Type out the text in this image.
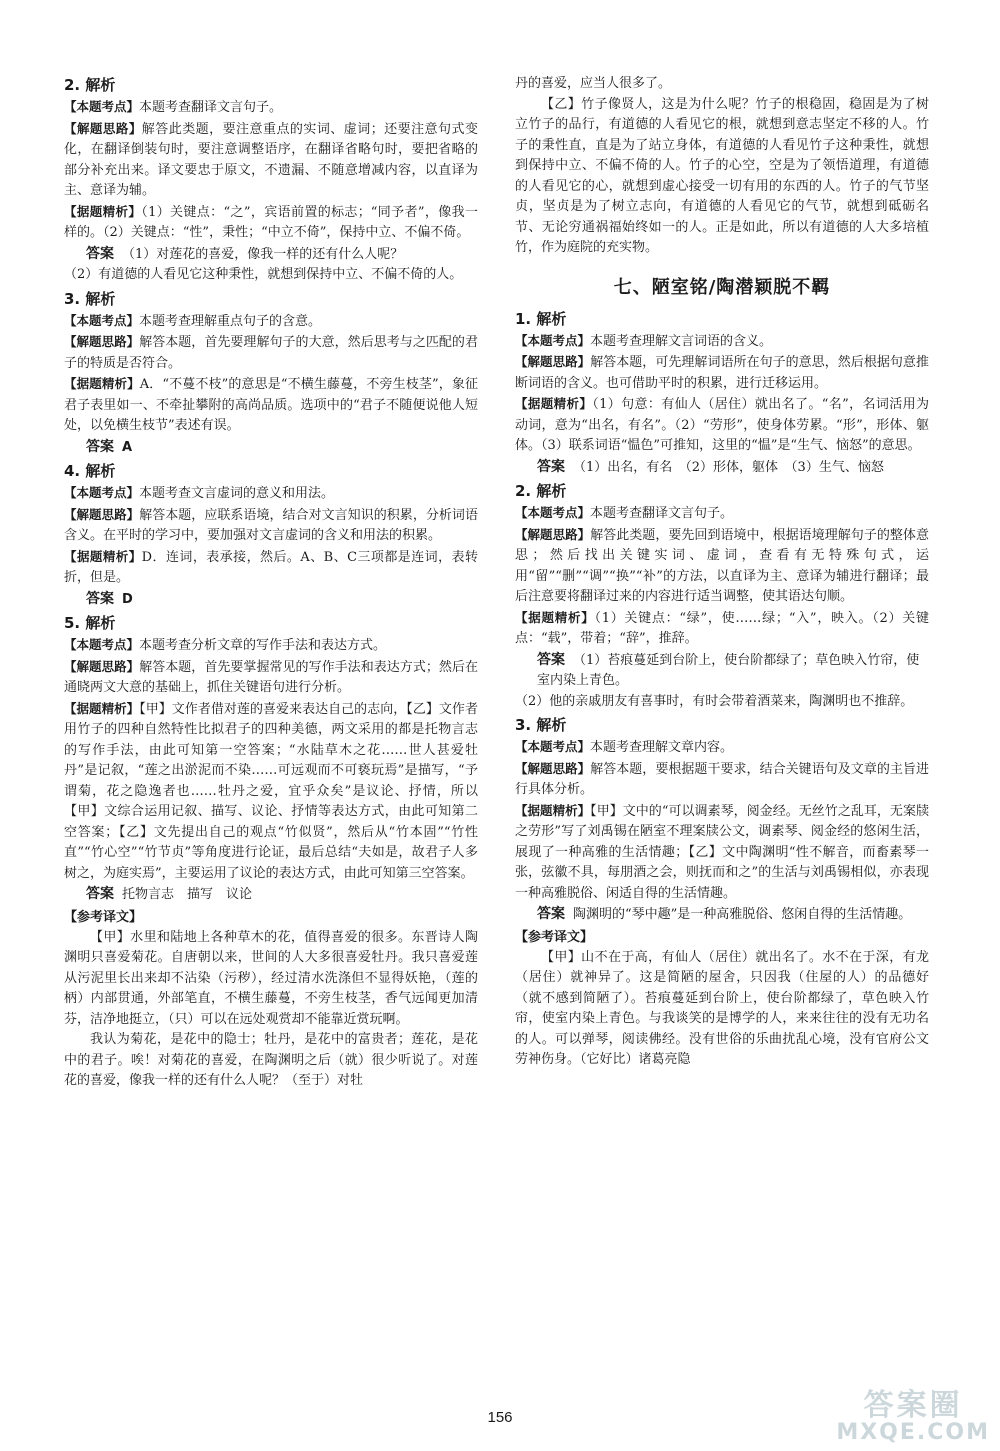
2. 解析

【 本题考点 】 本题考查翻译文言句子。

【 解题思路 】 解答此类题，要注意重点的实词、虚词；还要注意句式变化，在翻译倒装句时，要注意调整语序，在翻译省略句时，要把省略的部分补充出来。译文要忠于原文，不遗漏、不随意增减内容，以直译为主、意译为辅。

【 据题精析 】 （1）关键点：“之”，宾语前置的标志；“同予者”，像我一样的。（2）关键点：“性”，秉性；“中立不倚”，保持中立、不偏不倚。

答案 （1）对莲花的喜爱，像我一样的还有什么人呢？

（2）有道德的人看见它这种秉性，就想到保持中立、不偏不倚的人。

3. 解析

【 本题考点 】 本题考查理解重点句子的含意。

【 解题思路 】 解答本题，首先要理解句子的大意，然后思考与之匹配的君子的特质是否符合。

【 据题精析 】 A．“不蔓不枝”的意思是“不横生藤蔓，不旁生枝茎”，象征君子表里如一、不牵扯攀附的高尚品质。选项中的“君子不随便说他人短处，以免横生枝节”表述有误。

答案 A

4. 解析

【 本题考点 】 本题考查文言虚词的意义和用法。

【 解题思路 】 解答本题，应联系语境，结合对文言知识的积累，分析词语含义。在平时的学习中，要加强对文言虚词的含义和用法的积累。

【 据题精析 】 D．连词，表承接，然后。A、B、C三项都是连词，表转折，但是。

答案 D

5. 解析

【 本题考点 】 本题考查分析文章的写作手法和表达方式。

【 解题思路 】 解答本题，首先要掌握常见的写作手法和表达方式；然后在通晓两文大意的基础上，抓住关键语句进行分析。

【 据题精析 】 【甲】文作者借对莲的喜爱来表达自己的志向，【乙】文作者用竹子的四种自然特性比拟君子的四种美德，两文采用的都是托物言志的写作手法，由此可知第一空答案；“水陆草木之花……世人甚爱牡丹”是记叙，“莲之出淤泥而不染……可远观而不可亵玩焉”是描写，“予谓菊，花之隐逸者也……牡丹之爱，宜乎众矣”是议论、抒情，所以【甲】文综合运用记叙、描写、议论、抒情等表达方式，由此可知第二空答案；【乙】文先提出自己的观点“竹似贤”，然后从“竹本固”“竹性直”“竹心空”“竹节贞”等角度进行论证，最后总结“夫如是，故君子人多树之，为庭实焉”，主要运用了议论的表达方式，由此可知第三空答案。

答案 托物言志　描写　议论

【参考译文】

【甲】水里和陆地上各种草木的花，值得喜爱的很多。东晋诗人陶渊明只喜爱菊花。自唐朝以来，世间的人大多很喜爱牡丹。我只喜爱莲从污泥里长出来却不沾染（污秽），经过清水洗涤但不显得妖艳，（莲的柄）内部贯通，外部笔直，不横生藤蔓，不旁生枝茎，香气远闻更加清芬，洁净地挺立，（只）可以在远处观赏却不能靠近赏玩啊。

我认为菊花，是花中的隐士；牡丹，是花中的富贵者；莲花，是花中的君子。唉！对菊花的喜爱，在陶渊明之后（就）很少听说了。对莲花的喜爱，像我一样的还有什么人呢？（至于）对牡

丹的喜爱，应当人很多了。

【乙】竹子像贤人，这是为什么呢？竹子的根稳固，稳固是为了树立竹子的品行，有道德的人看见它的根，就想到意志坚定不移的人。竹子的秉性直，直是为了站立身体，有道德的人看见竹子这种秉性，就想到保持中立、不偏不倚的人。竹子的心空，空是为了领悟道理，有道德的人看见它的心，就想到虚心接受一切有用的东西的人。竹子的气节坚贞，坚贞是为了树立志向，有道德的人看见它的气节，就想到砥砺名节、无论穷通祸福始终如一的人。正是如此，所以有道德的人大多培植竹，作为庭院的充实物。

七、陋室铭/陶潜颖脱不羁
1. 解析

【 本题考点 】 本题考查理解文言词语的含义。

【 解题思路 】 解答本题，可先理解词语所在句子的意思，然后根据句意推断词语的含义。也可借助平时的积累，进行迁移运用。

【 据题精析 】 （1）句意：有仙人（居住）就出名了。“名”，名词活用为动词，意为“出名，有名”。（2）“劳形”，使身体劳累。“形”，形体、躯体。（3）联系词语“愠色”可推知，这里的“愠”是“生气、恼怒”的意思。

答案 （1）出名，有名　（2）形体，躯体　（3）生气、恼怒

2. 解析

【 本题考点 】 本题考查翻译文言句子。

【 解题思路 】 解答此类题，要先回到语境中，根据语境理解句子的整体意思；然后找出关键实词、虚词，查看有无特殊句式，运用“留”“删”“调”“换”“补”的方法，以直译为主、意译为辅进行翻译；最后注意要将翻译过来的内容进行适当调整，使其语达句顺。

【 据题精析 】 （1）关键点：“绿”，使……绿；“入”，映入。（2）关键点：“载”，带着；“辞”，推辞。

答案 （1）苔痕蔓延到台阶上，使台阶都绿了；草色映入竹帘，使室内染上青色。

（2）他的亲戚朋友有喜事时，有时会带着酒菜来，陶渊明也不推辞。

3. 解析

【 本题考点 】 本题考查理解文章内容。

【 解题思路 】 解答本题，要根据题干要求，结合关键语句及文章的主旨进行具体分析。

【 据题精析 】 【甲】文中的“可以调素琴，阅金经。无丝竹之乱耳，无案牍之劳形”写了刘禹锡在陋室不理案牍公文，调素琴、阅金经的悠闲生活，展现了一种高雅的生活情趣；【乙】文中陶渊明“性不解音，而畜素琴一张，弦徽不具，每朋酒之会，则抚而和之”的生活与刘禹锡相似，亦表现一种高雅脱俗、闲适自得的生活情趣。

答案 陶渊明的“琴中趣”是一种高雅脱俗、悠闲自得的生活情趣。

【参考译文】

【甲】山不在于高，有仙人（居住）就出名了。水不在于深，有龙（居住）就神异了。这是简陋的屋舍，只因我（住屋的人）的品德好（就不感到简陋了）。苔痕蔓延到台阶上，使台阶都绿了，草色映入竹帘，使室内染上青色。与我谈笑的是博学的人，来来往往的没有无功名的人。可以弹琴，阅读佛经。没有世俗的乐曲扰乱心境，没有官府公文劳神伤身。（它好比）诸葛亮隐

156	答案圈
MXQE.COM
